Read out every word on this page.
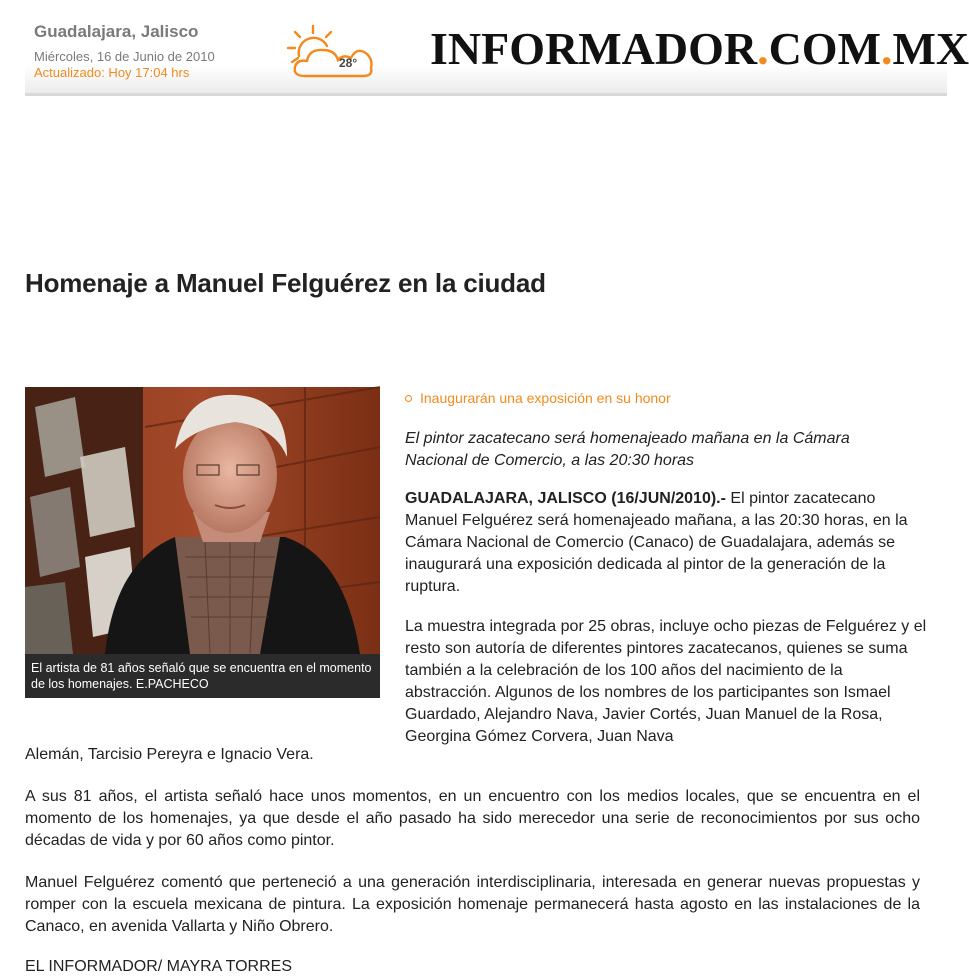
Guadalajara, Jalisco
Miércoles, 16 de Junio de 2010
Actualizado: Hoy 17:04 hrs
28° INFORMADOR.COM.MX
Homenaje a Manuel Felguérez en la ciudad
El artista de 81 años señaló que se encuentra en el momento de los homenajes. E.PACHECO
Inaugurarán una exposición en su honor

El pintor zacatecano será homenajeado mañana en la Cámara Nacional de Comercio, a las 20:30 horas

GUADALAJARA, JALISCO (16/JUN/2010).- El pintor zacatecano Manuel Felguérez será homenajeado mañana, a las 20:30 horas, en la Cámara Nacional de Comercio (Canaco) de Guadalajara, además se inaugurará una exposición dedicada al pintor de la generación de la ruptura.

La muestra integrada por 25 obras, incluye ocho piezas de Felguérez y el resto son autoría de diferentes pintores zacatecanos, quienes se suma también a la celebración de los 100 años del nacimiento de la abstracción. Algunos de los nombres de los participantes son Ismael Guardado, Alejandro Nava, Javier Cortés, Juan Manuel de la Rosa, Georgina Gómez Corvera, Juan Nava

Alemán, Tarcisio Pereyra e Ignacio Vera.

A sus 81 años, el artista señaló hace unos momentos, en un encuentro con los medios locales, que se encuentra en el momento de los homenajes, ya que desde el año pasado ha sido merecedor una serie de reconocimientos por sus ocho décadas de vida y por 60 años como pintor.

Manuel Felguérez comentó que perteneció a una generación interdisciplinaria, interesada en generar nuevas propuestas y romper con la escuela mexicana de pintura. La exposición homenaje permanecerá hasta agosto en las instalaciones de la Canaco, en avenida Vallarta y Niño Obrero.

EL INFORMADOR/ MAYRA TORRES
